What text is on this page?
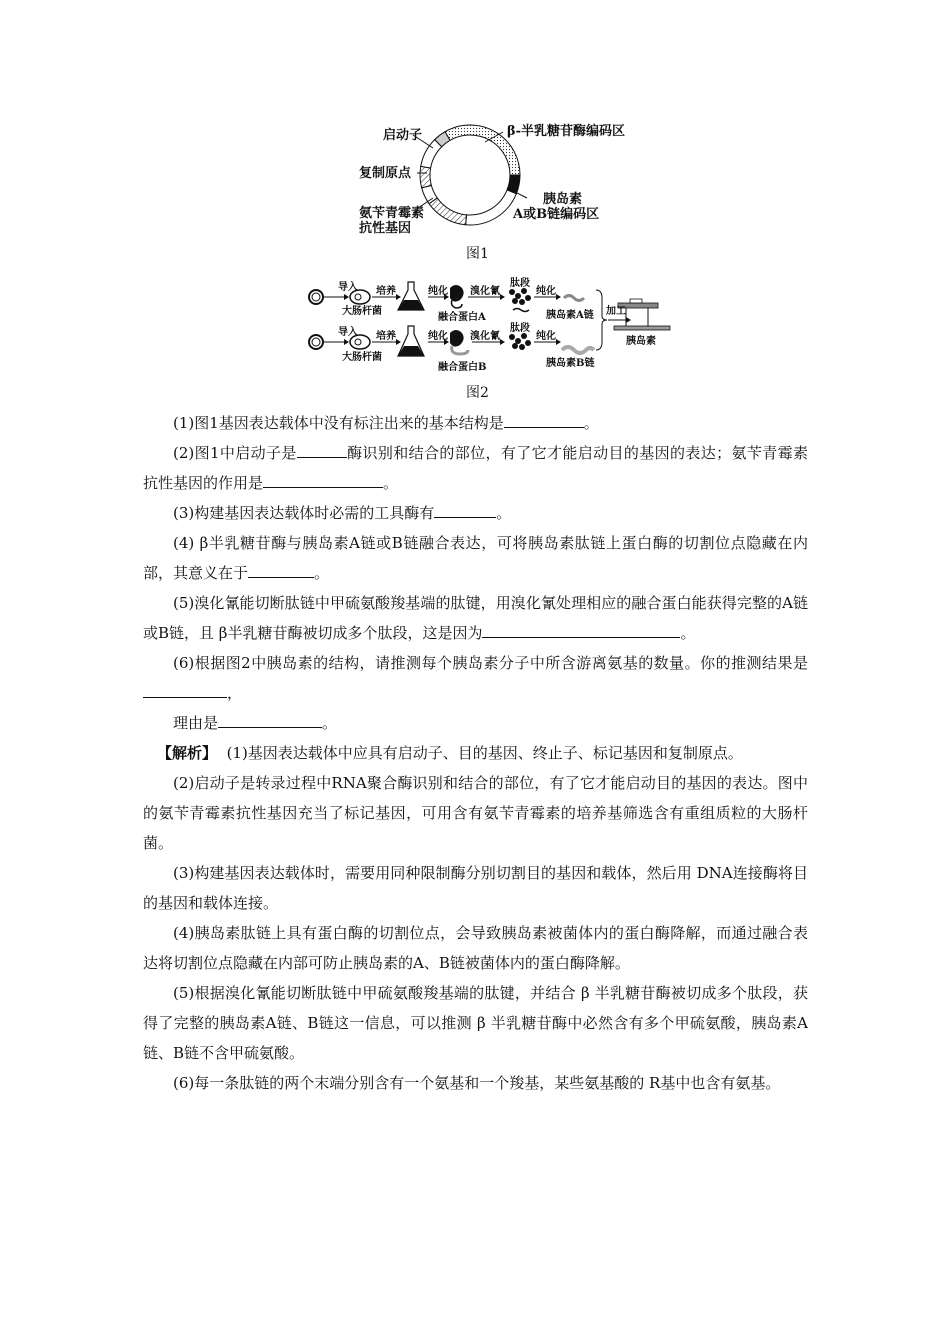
启动子
复制原点
氨苄青霉素
抗性基因
β-半乳糖苷酶编码区
胰岛素
A或B链编码区
图1
导入
大肠杆菌
培养	纯化
融合蛋白A
溴化氰
肽段
纯化
胰岛素A链
导入
大肠杆菌
培养	纯化
融合蛋白B
溴化氰
肽段
纯化
胰岛素B链
加工
胰岛素
图2

(1)图1基因表达载体中没有标注出来的基本结构是	。

(2)图1中启动子是	酶识别和结合的部位，有了它才能启动目的基因的表达；氨苄青霉素抗性基因的作用是	。

(3)构建基因表达载体时必需的工具酶有	。

(4) β半乳糖苷酶与胰岛素A链或B链融合表达，可将胰岛素肽链上蛋白酶的切割位点隐藏在内部，其意义在于	。

(5)溴化氰能切断肽链中甲硫氨酸羧基端的肽键，用溴化氰处理相应的融合蛋白能获得完整的A链或B链，且 β半乳糖苷酶被切成多个肽段，这是因为	。

(6)根据图2中胰岛素的结构，请推测每个胰岛素分子中所含游离氨基的数量。你的推测结果是，

理由是	。

【解析】 (1)基因表达载体中应具有启动子、目的基因、终止子、标记基因和复制原点。

(2)启动子是转录过程中RNA聚合酶识别和结合的部位，有了它才能启动目的基因的表达。图中的氨苄青霉素抗性基因充当了标记基因，可用含有氨苄青霉素的培养基筛选含有重组质粒的大肠杆菌。

(3)构建基因表达载体时，需要用同种限制酶分别切割目的基因和载体，然后用 DNA连接酶将目的基因和载体连接。

(4)胰岛素肽链上具有蛋白酶的切割位点，会导致胰岛素被菌体内的蛋白酶降解，而通过融合表达将切割位点隐藏在内部可防止胰岛素的A、B链被菌体内的蛋白酶降解。

(5)根据溴化氰能切断肽链中甲硫氨酸羧基端的肽键，并结合 β 半乳糖苷酶被切成多个肽段，获得了完整的胰岛素A链、B链这一信息，可以推测 β 半乳糖苷酶中必然含有多个甲硫氨酸，胰岛素A链、B链不含甲硫氨酸。

(6)每一条肽链的两个末端分别含有一个氨基和一个羧基，某些氨基酸的 R基中也含有氨基。
